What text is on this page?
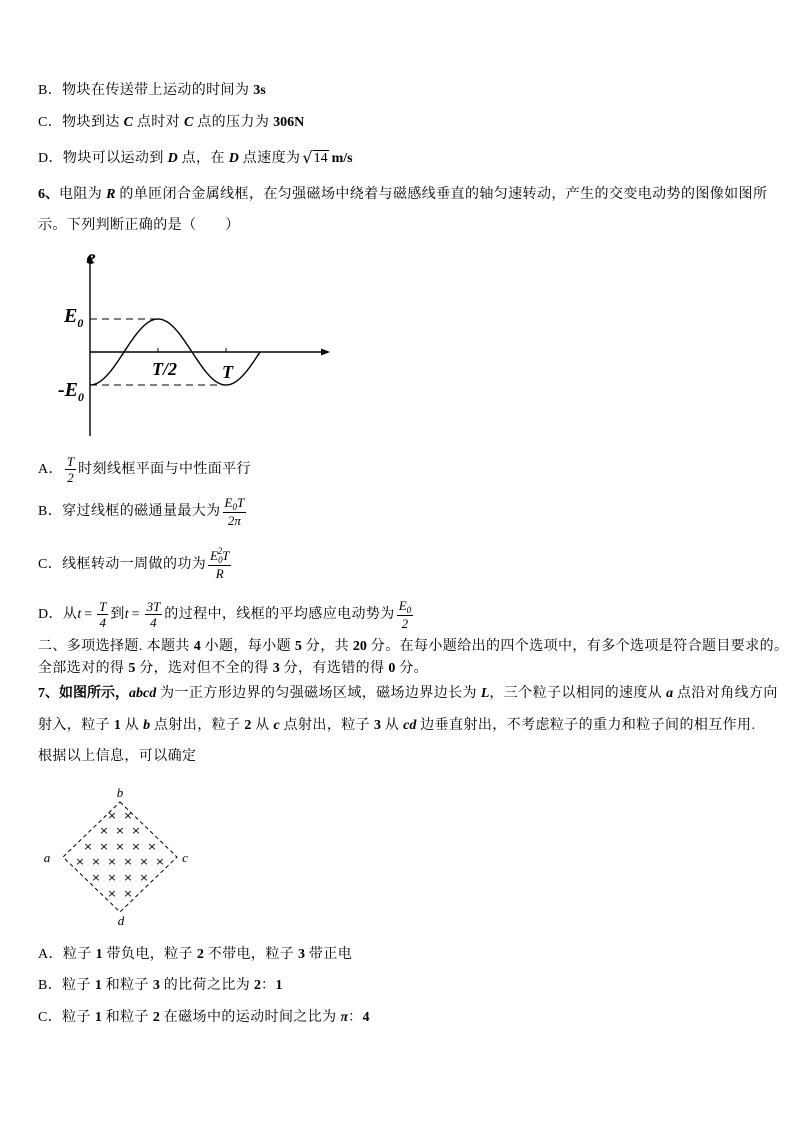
B．物块在传送带上运动的时间为 3s
C．物块到达 C 点时对 C 点的压力为 306N
D．物块可以运动到 D 点，在 D 点速度为 √14 m/s
6、电阻为 R 的单匝闭合金属线框，在匀强磁场中绕着与磁感线垂直的轴匀速转动，产生的交变电动势的图像如图所
示。下列判断正确的是（　　）
e
$E_0$
T/2	T
$-E_0$
A． $\frac{T}{2}$ 时刻线框平面与中性面平行
B．穿过线框的磁通量最大为 $\frac{E_0T}{2\pi}$
C．线框转动一周做的功为 $\frac{E_0^2T}{R}$
D．从$t = \frac{T}{4}$ 到$t = \frac{3T}{4}$ 的过程中，线框的平均感应电动势为 $\frac{E_0}{2}$
二、多项选择题. 本题共 4 小题，每小题 5 分，共 20 分。在每小题给出的四个选项中，有多个选项是符合题目要求的。
全部选对的得 5 分，选对但不全的得 3 分，有选错的得 0 分。
7、如图所示，abcd 为一正方形边界的匀强磁场区域，磁场边界边长为 L，三个粒子以相同的速度从 a 点沿对角线方向
射入，粒子 1 从 b 点射出，粒子 2 从 c 点射出，粒子 3 从 cd 边垂直射出，不考虑粒子的重力和粒子间的相互作用.
根据以上信息，可以确定
× ×
× × ×
× × × × ×
× × × × × ×
× × × ×
× ×
b
a	c
d
A．粒子 1 带负电，粒子 2 不带电，粒子 3 带正电
B．粒子 1 和粒子 3 的比荷之比为 2：1
C．粒子 1 和粒子 2 在磁场中的运动时间之比为 π：4
